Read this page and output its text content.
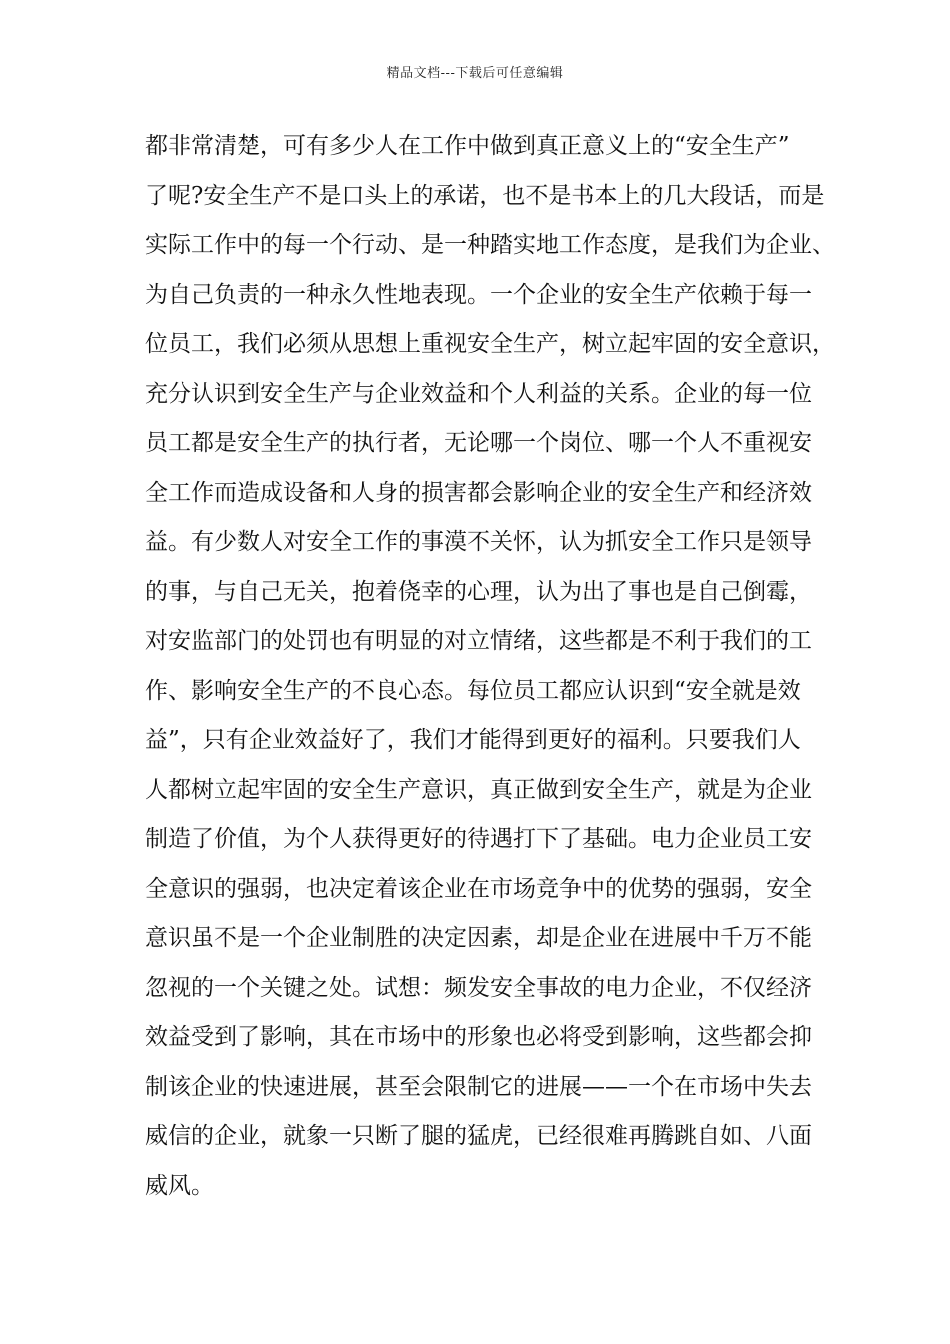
精品文档---下载后可任意编辑
都非常清楚，可有多少人在工作中做到真正意义上的“安全生产”
了呢?安全生产不是口头上的承诺，也不是书本上的几大段话，而是
实际工作中的每一个行动、是一种踏实地工作态度，是我们为企业、
为自己负责的一种永久性地表现。一个企业的安全生产依赖于每一
位员工，我们必须从思想上重视安全生产，树立起牢固的安全意识，
充分认识到安全生产与企业效益和个人利益的关系。企业的每一位
员工都是安全生产的执行者，无论哪一个岗位、哪一个人不重视安
全工作而造成设备和人身的损害都会影响企业的安全生产和经济效
益。有少数人对安全工作的事漠不关怀，认为抓安全工作只是领导
的事，与自己无关，抱着侥幸的心理，认为出了事也是自己倒霉，
对安监部门的处罚也有明显的对立情绪，这些都是不利于我们的工
作、影响安全生产的不良心态。每位员工都应认识到“安全就是效
益”，只有企业效益好了，我们才能得到更好的福利。只要我们人
人都树立起牢固的安全生产意识，真正做到安全生产，就是为企业
制造了价值，为个人获得更好的待遇打下了基础。电力企业员工安
全意识的强弱，也决定着该企业在市场竞争中的优势的强弱，安全
意识虽不是一个企业制胜的决定因素，却是企业在进展中千万不能
忽视的一个关键之处。试想：频发安全事故的电力企业，不仅经济
效益受到了影响，其在市场中的形象也必将受到影响，这些都会抑
制该企业的快速进展，甚至会限制它的进展——一个在市场中失去
威信的企业，就象一只断了腿的猛虎，已经很难再腾跳自如、八面
威风。
